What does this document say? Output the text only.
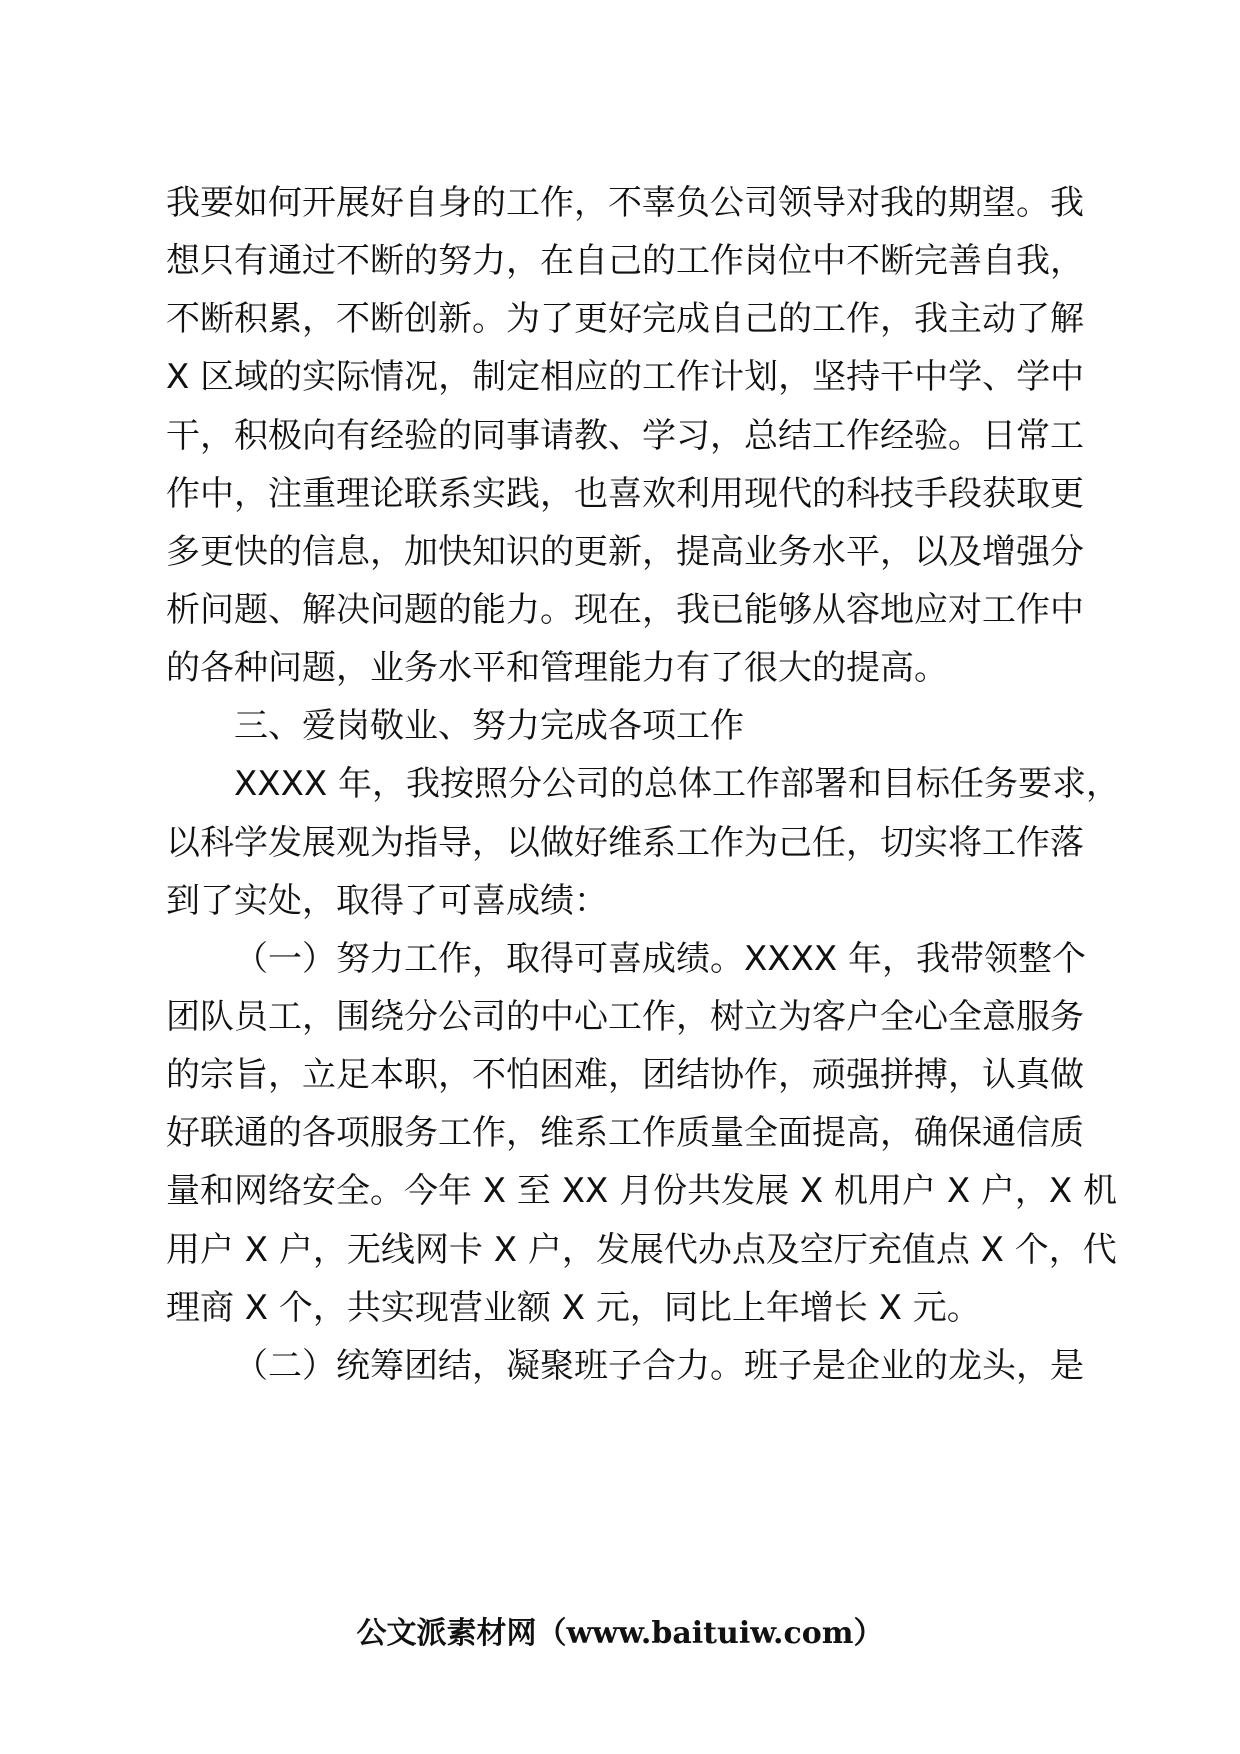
我要如何开展好自身的工作，不辜负公司领导对我的期望。我
想只有通过不断的努力，在自己的工作岗位中不断完善自我，
不断积累，不断创新。为了更好完成自己的工作，我主动了解
X 区域的实际情况，制定相应的工作计划，坚持干中学、学中
干，积极向有经验的同事请教、学习，总结工作经验。日常工
作中，注重理论联系实践，也喜欢利用现代的科技手段获取更
多更快的信息，加快知识的更新，提高业务水平，以及增强分
析问题、解决问题的能力。现在，我已能够从容地应对工作中
的各种问题，业务水平和管理能力有了很大的提高。
三、爱岗敬业、努力完成各项工作
XXXX 年，我按照分公司的总体工作部署和目标任务要求，
以科学发展观为指导，以做好维系工作为己任，切实将工作落
到了实处，取得了可喜成绩：
（一）努力工作，取得可喜成绩。XXXX 年，我带领整个
团队员工，围绕分公司的中心工作，树立为客户全心全意服务
的宗旨，立足本职，不怕困难，团结协作，顽强拼搏，认真做
好联通的各项服务工作，维系工作质量全面提高，确保通信质
量和网络安全。今年 X 至 XX 月份共发展 X 机用户 X 户，X 机
用户 X 户，无线网卡 X 户，发展代办点及空厅充值点 X 个，代
理商 X 个，共实现营业额 X 元，同比上年增长 X 元。
（二）统筹团结，凝聚班子合力。班子是企业的龙头，是
公文派素材网（www.baituiw.com）
